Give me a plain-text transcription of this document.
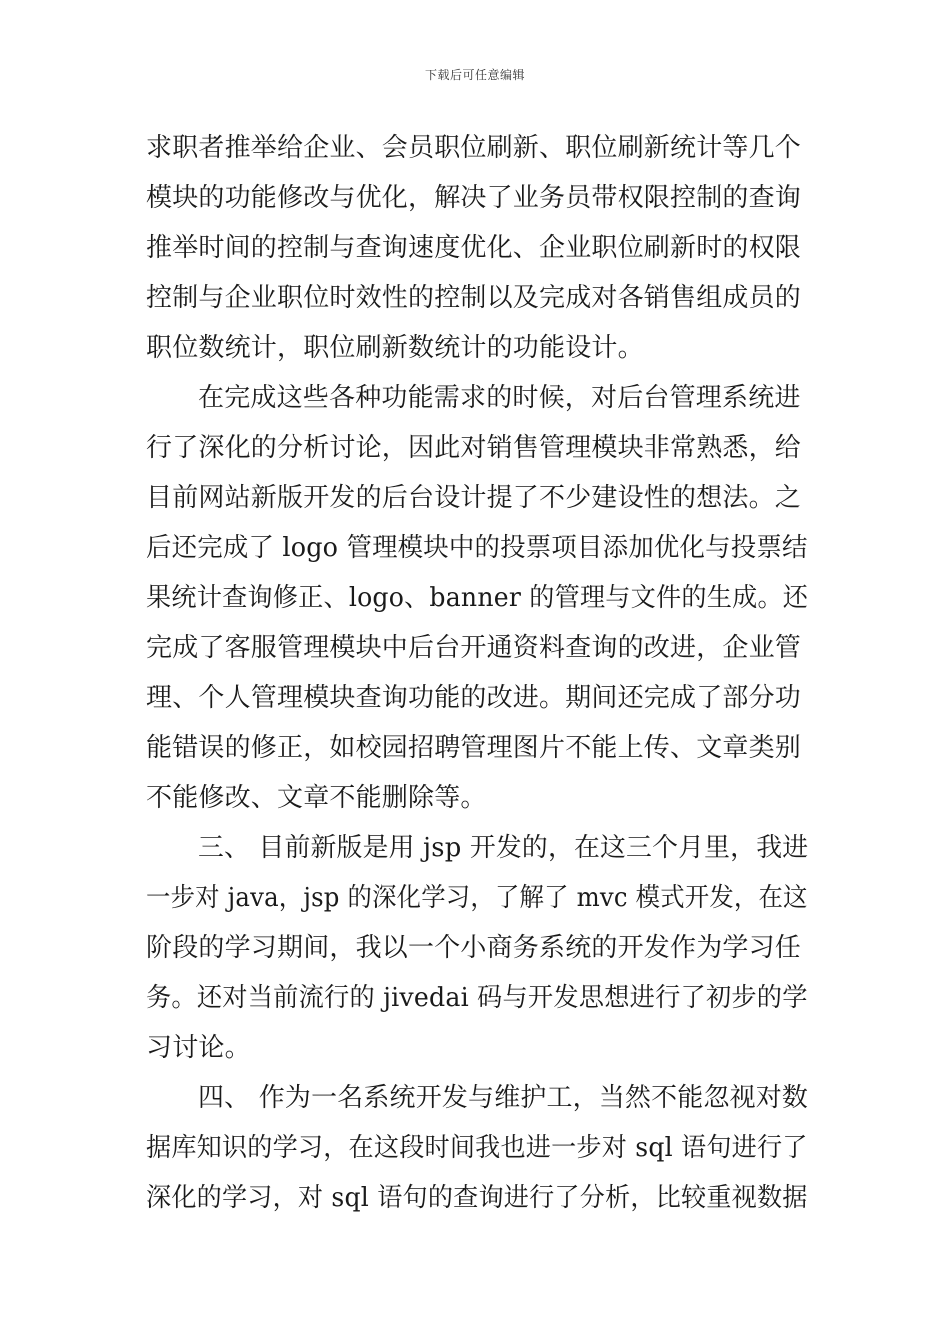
下载后可任意编辑
求职者推举给企业、会员职位刷新、职位刷新统计等几个
模块的功能修改与优化，解决了业务员带权限控制的查询
推举时间的控制与查询速度优化、企业职位刷新时的权限
控制与企业职位时效性的控制以及完成对各销售组成员的
职位数统计，职位刷新数统计的功能设计。
在完成这些各种功能需求的时候，对后台管理系统进
行了深化的分析讨论，因此对销售管理模块非常熟悉，给
目前网站新版开发的后台设计提了不少建设性的想法。之
后还完成了 logo 管理模块中的投票项目添加优化与投票结
果统计查询修正、logo、banner 的管理与文件的生成。还
完成了客服管理模块中后台开通资料查询的改进，企业管
理、个人管理模块查询功能的改进。期间还完成了部分功
能错误的修正，如校园招聘管理图片不能上传、文章类别
不能修改、文章不能删除等。
三、 目前新版是用 jsp 开发的，在这三个月里，我进
一步对 java，jsp 的深化学习，了解了 mvc 模式开发，在这
阶段的学习期间，我以一个小商务系统的开发作为学习任
务。还对当前流行的 jivedai 码与开发思想进行了初步的学
习讨论。
四、 作为一名系统开发与维护工，当然不能忽视对数
据库知识的学习，在这段时间我也进一步对 sql 语句进行了
深化的学习，对 sql 语句的查询进行了分析，比较重视数据
